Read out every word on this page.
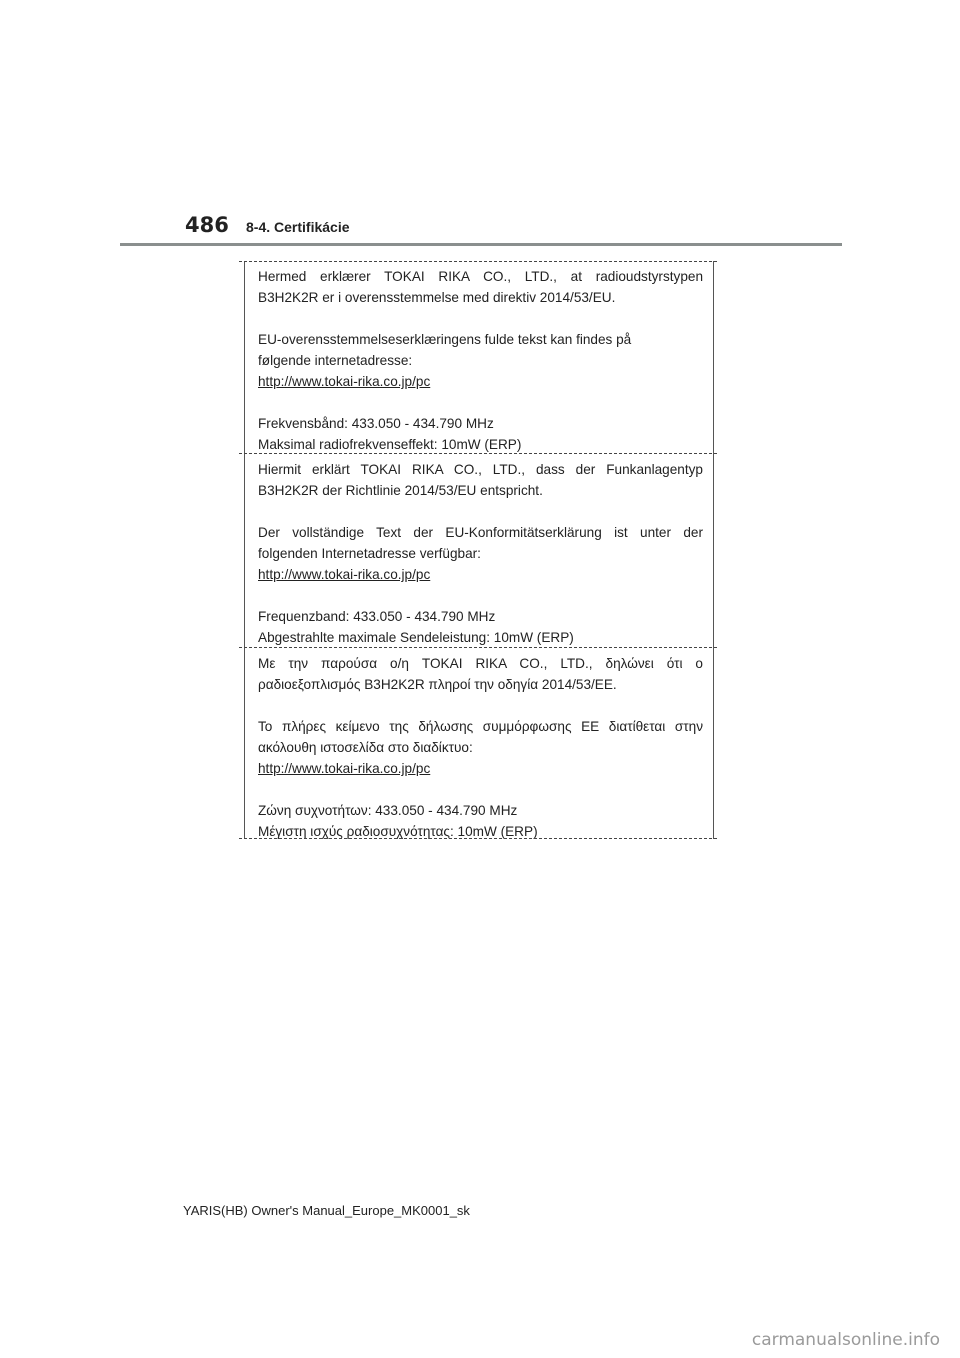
486 8-4. Certifikácie

Hermed erklærer TOKAI RIKA CO., LTD., at radioudstyrstypen

B3H2K2R er i overensstemmelse med direktiv 2014/53/EU.

EU-overensstemmelseserklæringens fulde tekst kan findes på

følgende internetadresse:

http://www.tokai-rika.co.jp/pc

Frekvensbånd: 433.050 - 434.790 MHz

Maksimal radiofrekvenseffekt: 10mW (ERP)

Hiermit erklärt TOKAI RIKA CO., LTD., dass der Funkanlagentyp

B3H2K2R der Richtlinie 2014/53/EU entspricht.

Der vollständige Text der EU-Konformitätserklärung ist unter der

folgenden Internetadresse verfügbar:

http://www.tokai-rika.co.jp/pc

Frequenzband: 433.050 - 434.790 MHz

Abgestrahlte maximale Sendeleistung: 10mW (ERP)

Με την παρούσα ο/η TOKAI RIKA CO., LTD., δηλώνει ότι ο

ραδιοεξοπλισμός B3H2K2R πληροί την οδηγία 2014/53/ΕΕ.

Το πλήρες κείμενο της δήλωσης συμμόρφωσης ΕΕ διατίθεται στην

ακόλουθη ιστοσελίδα στο διαδίκτυο:

http://www.tokai-rika.co.jp/pc

Ζώνη συχνοτήτων: 433.050 - 434.790 MHz

Μέγιστη ισχύς ραδιοσυχνότητας: 10mW (ERP)

YARIS(HB) Owner's Manual_Europe_MK0001_sk
carmanualsonline.info
